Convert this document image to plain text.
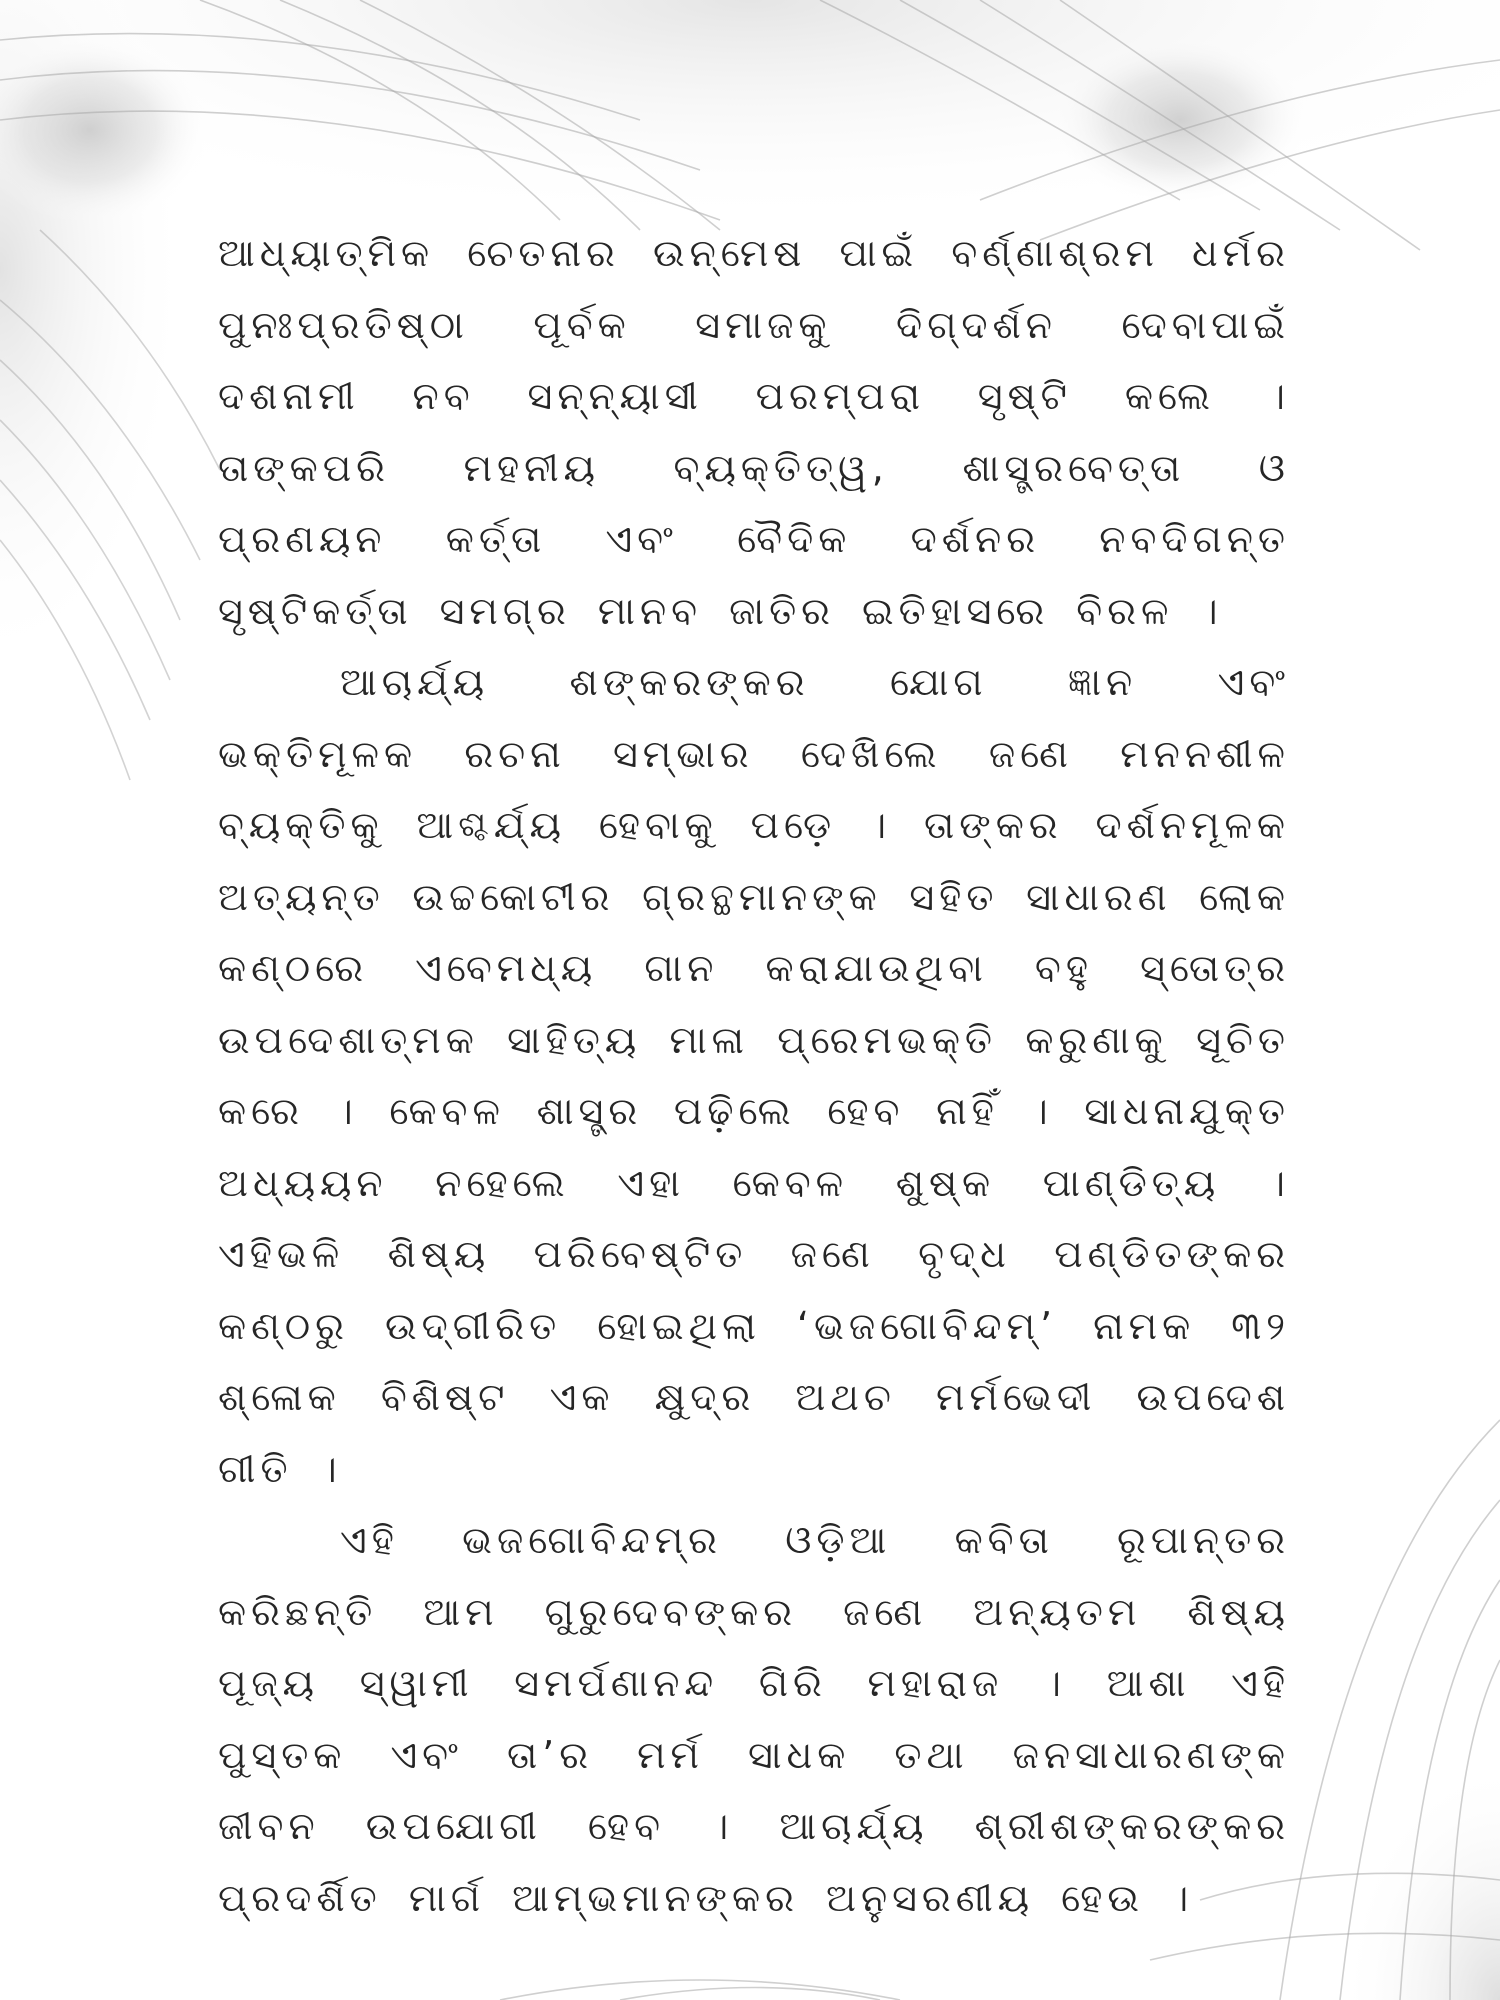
ଆଧ୍ୟାତ୍ମିକ ଚେତନାର ଉନ୍ମେଷ ପାଇଁ ବର୍ଣ୍ଣାଶ୍ରମ ଧର୍ମର ପୁନଃପ୍ରତିଷ୍ଠା ପୂର୍ବକ ସମାଜକୁ ଦିଗ୍‌ଦର୍ଶନ ଦେବାପାଇଁ ଦଶନାମୀ ନବ ସନ୍ନ୍ୟାସୀ ପରମ୍ପରା ସୃଷ୍ଟି କଲେ । ତାଙ୍କପରି ମହନୀୟ ବ୍ୟକ୍ତିତ୍ୱ, ଶାସ୍ତ୍ରବେତ୍ତା ଓ ପ୍ରଣୟନ କର୍ତ୍ତା ଏବଂ ବୈଦିକ ଦର୍ଶନର ନବଦିଗନ୍ତ ସୃଷ୍ଟିକର୍ତ୍ତା ସମଗ୍ର ମାନବ ଜାତିର ଇତିହାସରେ ବିରଳ ।

ଆଚାର୍ଯ୍ୟ ଶଙ୍କରଙ୍କର ଯୋଗ ଜ୍ଞାନ ଏବଂ ଭକ୍ତିମୂଳକ ରଚନା ସମ୍ଭାର ଦେଖିଲେ ଜଣେ ମନନଶୀଳ ବ୍ୟକ୍ତିକୁ ଆଶ୍ଚର୍ଯ୍ୟ ହେବାକୁ ପଡ଼େ । ତାଙ୍କର ଦର୍ଶନମୂଳକ ଅତ୍ୟନ୍ତ ଉଚ୍ଚକୋଟୀର ଗ୍ରନ୍ଥମାନଙ୍କ ସହିତ ସାଧାରଣ ଲୋକ କଣ୍ଠରେ ଏବେମଧ୍ୟ ଗାନ କରାଯାଉଥିବା ବହୁ ସ୍ତୋତ୍ର ଉପଦେଶାତ୍ମକ ସାହିତ୍ୟ ମାଳା ପ୍ରେମଭକ୍ତି କରୁଣାକୁ ସୂଚିତ କରେ । କେବଳ ଶାସ୍ତ୍ର ପଢ଼ିଲେ ହେବ ନାହିଁ । ସାଧନାଯୁକ୍ତ ଅଧ୍ୟୟନ ନହେଲେ ଏହା କେବଳ ଶୁଷ୍କ ପାଣ୍ଡିତ୍ୟ । ଏହିଭଳି ଶିଷ୍ୟ ପରିବେଷ୍ଟିତ ଜଣେ ବୃଦ୍ଧ ପଣ୍ଡିତଙ୍କର କଣ୍ଠରୁ ଉଦ୍‌ଗୀରିତ ହୋଇଥିଲା ‘ଭଜଗୋବିନ୍ଦମ୍’ ନାମକ ୩୨ ଶ୍ଳୋକ ବିଶିଷ୍ଟ ଏକ କ୍ଷୁଦ୍ର ଅଥଚ ମର୍ମଭେଦୀ ଉପଦେଶ ଗୀତି ।

ଏହି ଭଜଗୋବିନ୍ଦମ୍‌ର ଓଡ଼ିଆ କବିତା ରୂପାନ୍ତର କରିଛନ୍ତି ଆମ ଗୁରୁଦେବଙ୍କର ଜଣେ ଅନ୍ୟତମ ଶିଷ୍ୟ ପୂଜ୍ୟ ସ୍ୱାମୀ ସମର୍ପଣାନନ୍ଦ ଗିରି ମହାରାଜ । ଆଶା ଏହି ପୁସ୍ତକ ଏବଂ ତା’ର ମର୍ମ ସାଧକ ତଥା ଜନସାଧାରଣଙ୍କ ଜୀବନ ଉପଯୋଗୀ ହେବ । ଆଚାର୍ଯ୍ୟ ଶ୍ରୀଶଙ୍କରଙ୍କର ପ୍ରଦର୍ଶିତ ମାର୍ଗ ଆମ୍ଭମାନଙ୍କର ଅନୁସରଣୀୟ ହେଉ ।
